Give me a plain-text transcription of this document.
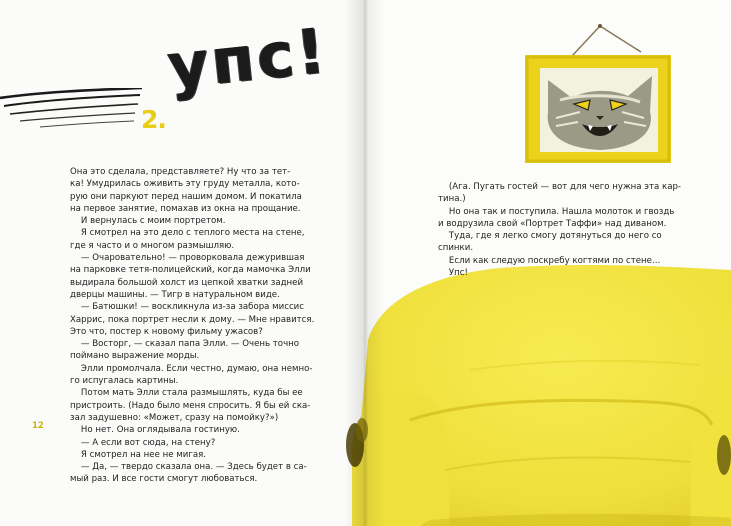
2.
упс!

Она это сделала, представляете? Ну что за тет-

ка! Умудрилась оживить эту груду металла, кото-

рую они паркуют перед нашим домом. И покатила

на первое занятие, помахав из окна на прощание.

И вернулась с моим портретом.

Я смотрел на это дело с теплого места на стене,

где я часто и о многом размышляю.

— Очаровательно! — проворковала дежурившая

на парковке тетя-полицейский, когда мамочка Элли

выдирала большой холст из цепкой хватки задней

дверцы машины. — Тигр в натуральном виде.

— Батюшки! — воскликнула из-за забора миссис

Харрис, пока портрет несли к дому. — Мне нравится.

Это что, постер к новому фильму ужасов?

— Восторг, — сказал папа Элли. — Очень точно

поймано выражение морды.

Элли промолчала. Если честно, думаю, она немно-

го испугалась картины.

Потом мать Элли стала размышлять, куда бы ее

пристроить. (Надо было меня спросить. Я бы ей ска-

зал задушевно: «Может, сразу на помойку?»)

Но нет. Она оглядывала гостиную.

— А если вот сюда, на стену?

Я смотрел на нее не мигая.

— Да, — твердо сказала она. — Здесь будет в са-

мый раз. И все гости смогут любоваться.

(Ага. Пугать гостей — вот для чего нужна эта кар-

тина.)

Но она так и поступила. Нашла молоток и гвоздь

и водрузила свой «Портрет Таффи» над диваном.

Туда, где я легко смогу дотянуться до него со

спинки.

Если как следую поскребу когтями по стене…

Упс!

12
